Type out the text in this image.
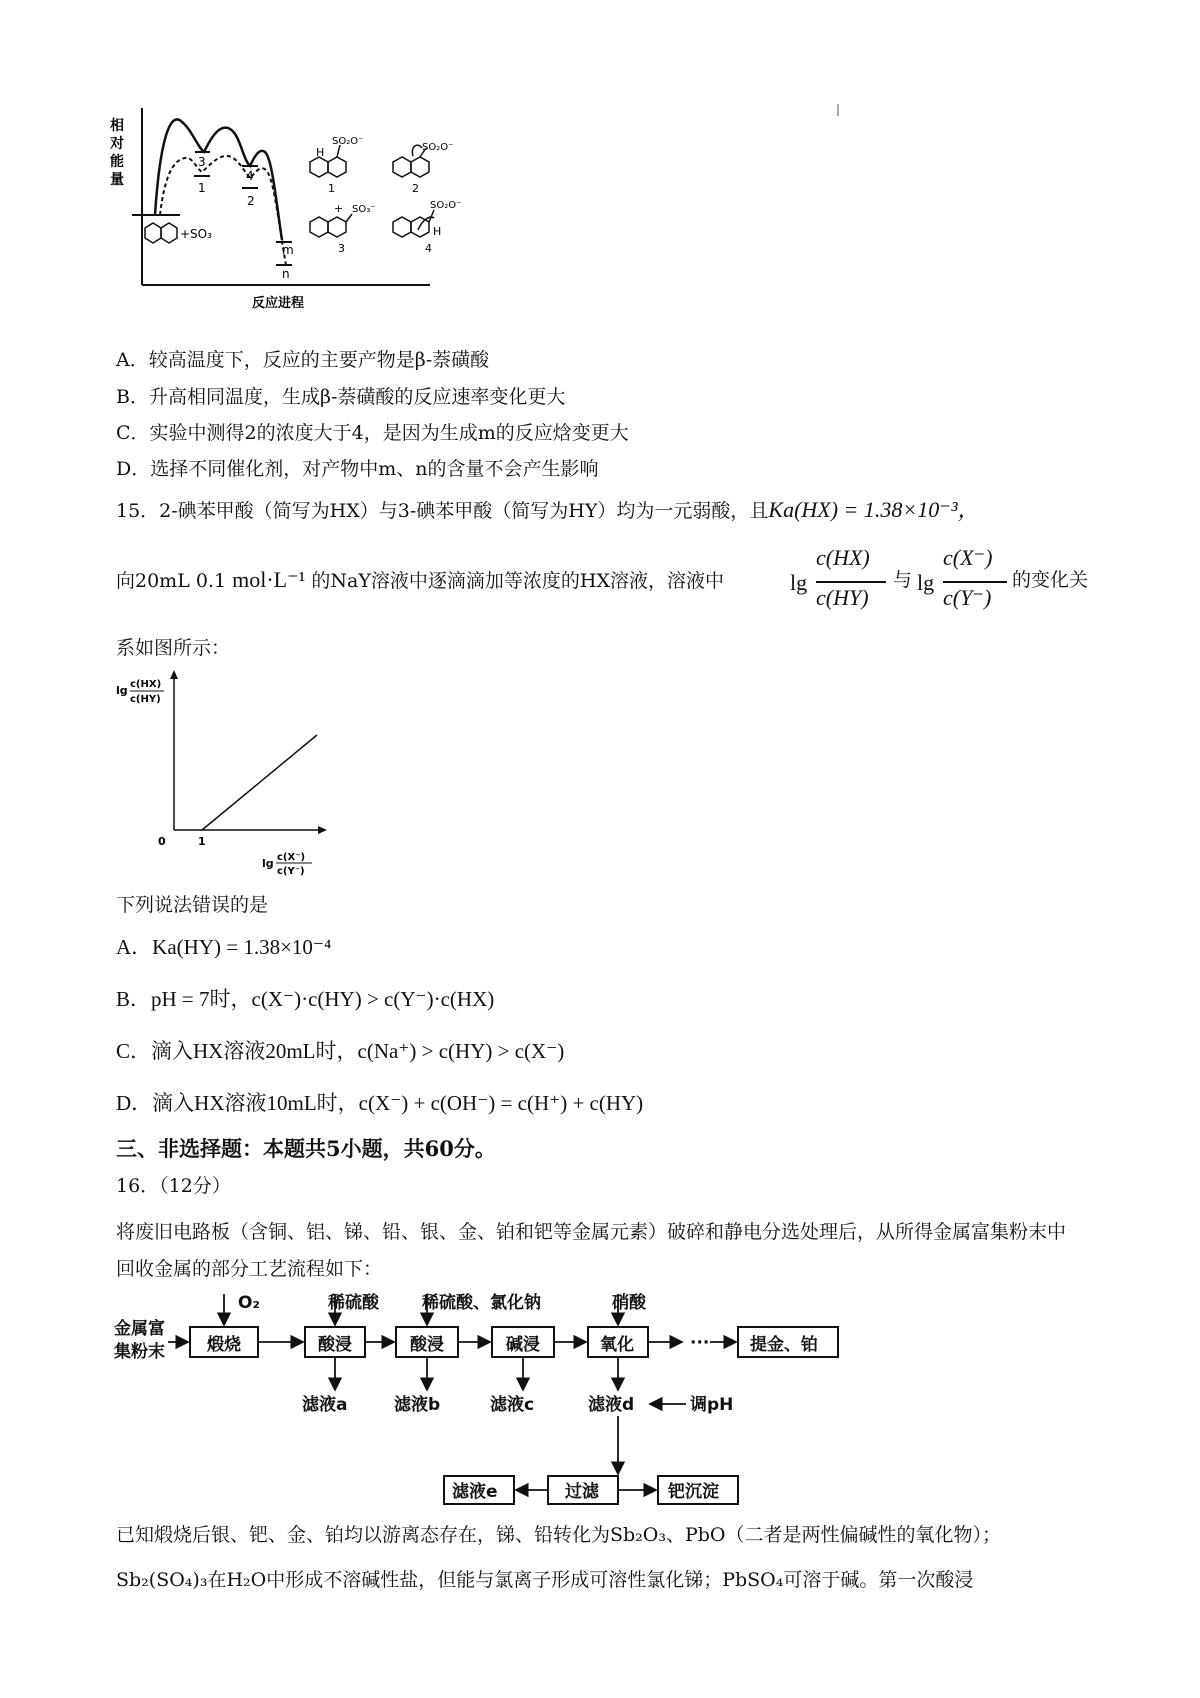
相
对
能
量
3
1
4
2
m
n
+SO₃
反应进程
H
SO₂O⁻
1
SO₂O⁻
2
+ SO₃⁻
3
SO₂O⁻
H
4
A．较高温度下，反应的主要产物是β-萘磺酸
B．升高相同温度，生成β-萘磺酸的反应速率变化更大
C．实验中测得2的浓度大于4，是因为生成m的反应焓变更大
D．选择不同催化剂，对产物中m、n的含量不会产生影响
15．2-碘苯甲酸（简写为HX）与3-碘苯甲酸（简写为HY）均为一元弱酸，且Ka(HX) = 1.38×10⁻³，
向20mL 0.1 mol·L⁻¹ 的NaY溶液中逐滴滴加等浓度的HX溶液，溶液中	lg
c(HX)
c(HY)
与 lg
c(X⁻)
c(Y⁻)
的变化关
系如图所示：
lg c(HX)
c(HY)
0	1
lg c(X⁻)
c(Y⁻)
下列说法错误的是
A．Ka(HY) = 1.38×10⁻⁴
B．pH = 7时，c(X⁻)·c(HY) > c(Y⁻)·c(HX)
C．滴入HX溶液20mL时，c(Na⁺) > c(HY) > c(X⁻)
D．滴入HX溶液10mL时，c(X⁻) + c(OH⁻) = c(H⁺) + c(HY)
三、非选择题：本题共5小题，共60分。
16．（12分）
将废旧电路板（含铜、铝、锑、铅、银、金、铂和钯等金属元素）破碎和静电分选处理后，从所得金属富集粉末中回收金属的部分工艺流程如下：
金属富
集粉末
O₂	稀硫酸	稀硫酸、氯化钠	硝酸
煅烧	酸浸	酸浸	碱浸	氧化	··· 提金、铂
滤液a	滤液b	滤液c	滤液d	调pH
滤液e	过滤	钯沉淀
已知煅烧后银、钯、金、铂均以游离态存在，锑、铅转化为Sb₂O₃、PbO（二者是两性偏碱性的氧化物）；
Sb₂(SO₄)₃在H₂O中形成不溶碱性盐，但能与氯离子形成可溶性氯化锑；PbSO₄可溶于碱。第一次酸浸
